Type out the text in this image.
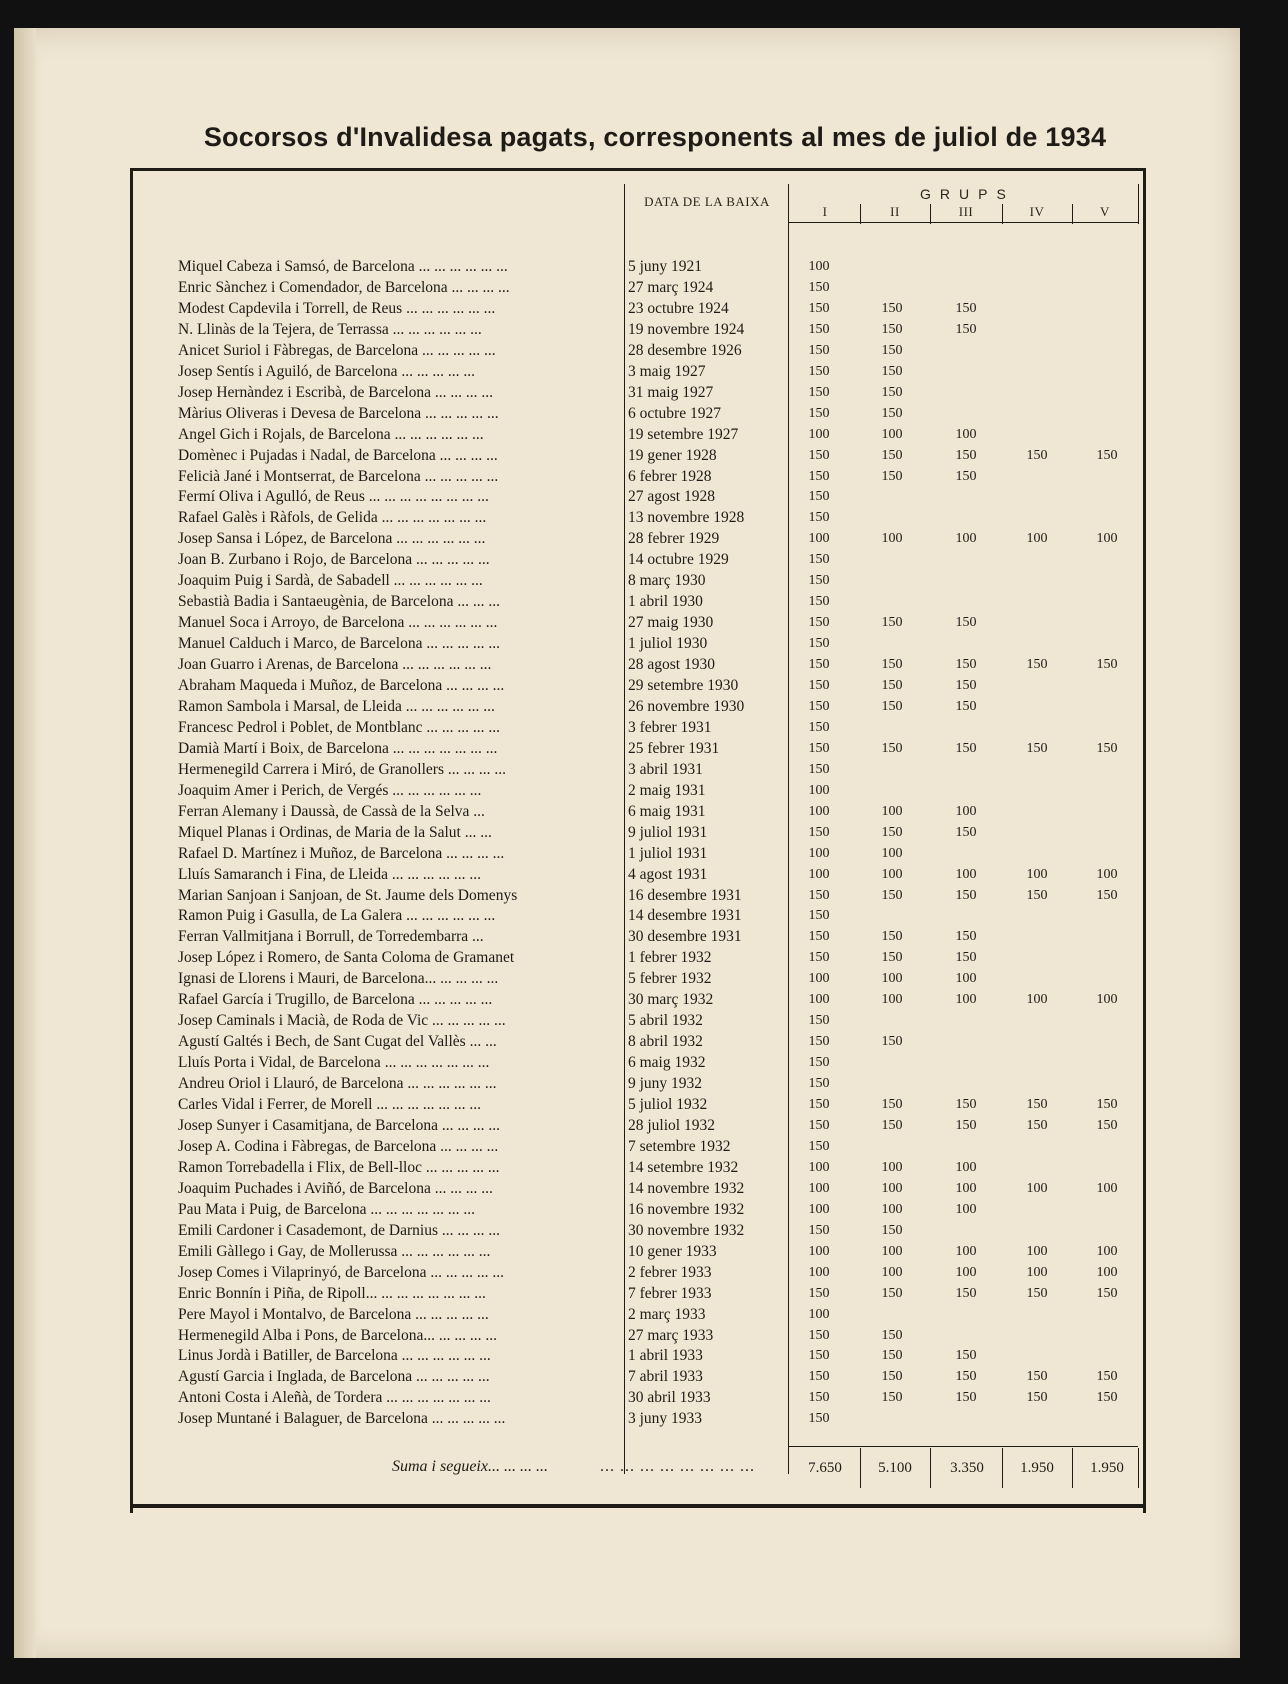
Socorsos d'Invalidesa pagats, corresponents al mes de juliol de 1934
DATA DE LA BAIXA	GRUPS
I	II	III	IV	V
Miquel Cabeza i Samsó, de Barcelona ... ... ... ... ... ...	5 juny 1921	100
Enric Sànchez i Comendador, de Barcelona ... ... ... ...	27 març 1924	150
Modest Capdevila i Torrell, de Reus ... ... ... ... ... ...	23 octubre 1924	150	150	150
N. Llinàs de la Tejera, de Terrassa ... ... ... ... ... ...	19 novembre 1924	150	150	150
Anicet Suriol i Fàbregas, de Barcelona ... ... ... ... ...	28 desembre 1926	150	150
Josep Sentís i Aguiló, de Barcelona ... ... ... ... ...	3 maig 1927	150	150
Josep Hernàndez i Escribà, de Barcelona ... ... ... ...	31 maig 1927	150	150
Màrius Oliveras i Devesa de Barcelona ... ... ... ... ...	6 octubre 1927	150	150
Angel Gich i Rojals, de Barcelona ... ... ... ... ... ...	19 setembre 1927	100	100	100
Domènec i Pujadas i Nadal, de Barcelona ... ... ... ...	19 gener 1928	150	150	150	150	150
Felicià Jané i Montserrat, de Barcelona ... ... ... ... ...	6 febrer 1928	150	150	150
Fermí Oliva i Agulló, de Reus ... ... ... ... ... ... ... ...	27 agost 1928	150
Rafael Galès i Ràfols, de Gelida ... ... ... ... ... ... ...	13 novembre 1928	150
Josep Sansa i López, de Barcelona ... ... ... ... ... ...	28 febrer 1929	100	100	100	100	100
Joan B. Zurbano i Rojo, de Barcelona ... ... ... ... ...	14 octubre 1929	150
Joaquim Puig i Sardà, de Sabadell ... ... ... ... ... ...	8 març 1930	150
Sebastià Badia i Santaeugènia, de Barcelona ... ... ...	1 abril 1930	150
Manuel Soca i Arroyo, de Barcelona ... ... ... ... ... ...	27 maig 1930	150	150	150
Manuel Calduch i Marco, de Barcelona ... ... ... ... ...	1 juliol 1930	150
Joan Guarro i Arenas, de Barcelona ... ... ... ... ... ...	28 agost 1930	150	150	150	150	150
Abraham Maqueda i Muñoz, de Barcelona ... ... ... ...	29 setembre 1930	150	150	150
Ramon Sambola i Marsal, de Lleida ... ... ... ... ... ...	26 novembre 1930	150	150	150
Francesc Pedrol i Poblet, de Montblanc ... ... ... ... ...	3 febrer 1931	150
Damià Martí i Boix, de Barcelona ... ... ... ... ... ... ...	25 febrer 1931	150	150	150	150	150
Hermenegild Carrera i Miró, de Granollers ... ... ... ...	3 abril 1931	150
Joaquim Amer i Perich, de Vergés ... ... ... ... ... ...	2 maig 1931	100
Ferran Alemany i Daussà, de Cassà de la Selva ...	6 maig 1931	100	100	100
Miquel Planas i Ordinas, de Maria de la Salut ... ...	9 juliol 1931	150	150	150
Rafael D. Martínez i Muñoz, de Barcelona ... ... ... ...	1 juliol 1931	100	100
Lluís Samaranch i Fina, de Lleida ... ... ... ... ... ...	4 agost 1931	100	100	100	100	100
Marian Sanjoan i Sanjoan, de St. Jaume dels Domenys	16 desembre 1931	150	150	150	150	150
Ramon Puig i Gasulla, de La Galera ... ... ... ... ... ...	14 desembre 1931	150
Ferran Vallmitjana i Borrull, de Torredembarra ...	30 desembre 1931	150	150	150
Josep López i Romero, de Santa Coloma de Gramanet	1 febrer 1932	150	150	150
Ignasi de Llorens i Mauri, de Barcelona... ... ... ... ...	5 febrer 1932	100	100	100
Rafael García i Trugillo, de Barcelona ... ... ... ... ...	30 març 1932	100	100	100	100	100
Josep Caminals i Macià, de Roda de Vic ... ... ... ... ...	5 abril 1932	150
Agustí Galtés i Bech, de Sant Cugat del Vallès ... ...	8 abril 1932	150	150
Lluís Porta i Vidal, de Barcelona ... ... ... ... ... ... ...	6 maig 1932	150
Andreu Oriol i Llauró, de Barcelona ... ... ... ... ... ...	9 juny 1932	150
Carles Vidal i Ferrer, de Morell ... ... ... ... ... ... ...	5 juliol 1932	150	150	150	150	150
Josep Sunyer i Casamitjana, de Barcelona ... ... ... ...	28 juliol 1932	150	150	150	150	150
Josep A. Codina i Fàbregas, de Barcelona ... ... ... ...	7 setembre 1932	150
Ramon Torrebadella i Flix, de Bell-lloc ... ... ... ... ...	14 setembre 1932	100	100	100
Joaquim Puchades i Aviñó, de Barcelona ... ... ... ...	14 novembre 1932	100	100	100	100	100
Pau Mata i Puig, de Barcelona ... ... ... ... ... ... ...	16 novembre 1932	100	100	100
Emili Cardoner i Casademont, de Darnius ... ... ... ...	30 novembre 1932	150	150
Emili Gàllego i Gay, de Mollerussa ... ... ... ... ... ...	10 gener 1933	100	100	100	100	100
Josep Comes i Vilaprinyó, de Barcelona ... ... ... ... ...	2 febrer 1933	100	100	100	100	100
Enric Bonnín i Piña, de Ripoll... ... ... ... ... ... ... ...	7 febrer 1933	150	150	150	150	150
Pere Mayol i Montalvo, de Barcelona ... ... ... ... ...	2 març 1933	100
Hermenegild Alba i Pons, de Barcelona... ... ... ... ...	27 març 1933	150	150
Linus Jordà i Batiller, de Barcelona ... ... ... ... ... ...	1 abril 1933	150	150	150
Agustí Garcia i Inglada, de Barcelona ... ... ... ... ...	7 abril 1933	150	150	150	150	150
Antoni Costa i Aleñà, de Tordera ... ... ... ... ... ... ...	30 abril 1933	150	150	150	150	150
Josep Muntané i Balaguer, de Barcelona ... ... ... ... ...	3 juny 1933	150
Suma i segueix... ... ... ...	... ... ... ... ... ... ... ...	7.650	5.100	3.350	1.950	1.950
